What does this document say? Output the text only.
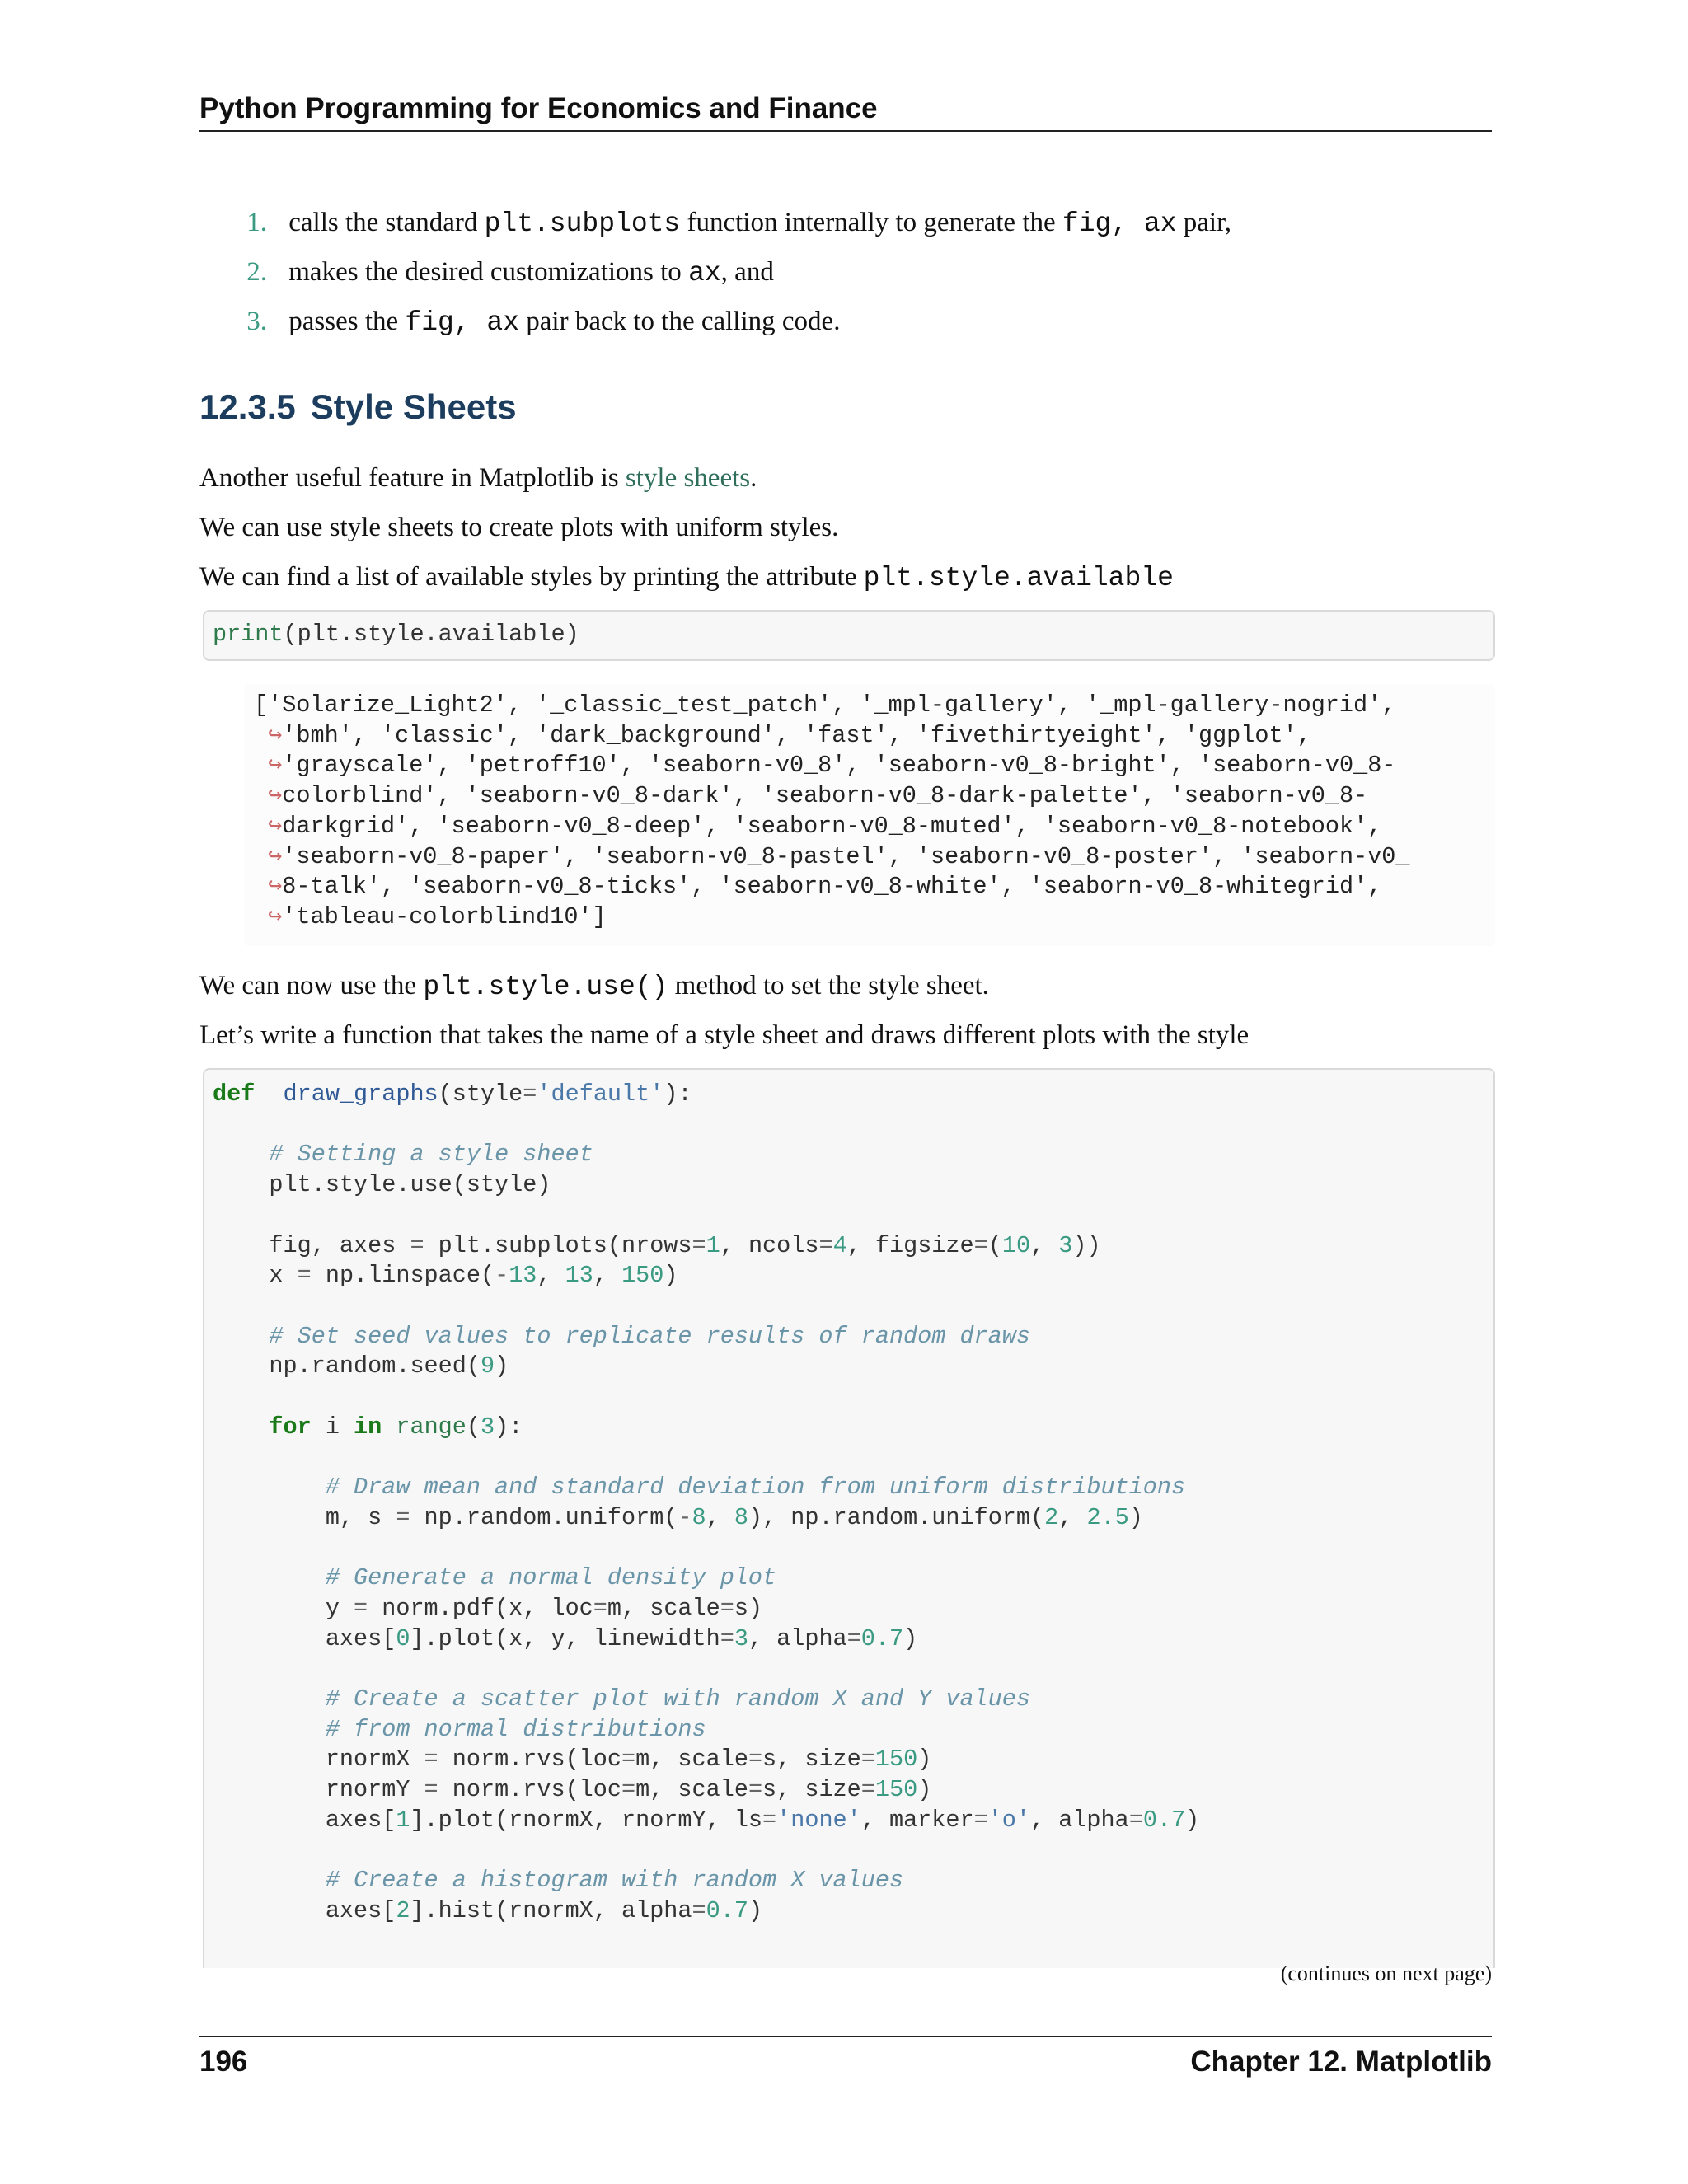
Python Programming for Economics and Finance
1. calls the standard plt.subplots function internally to generate the fig, ax pair,
2. makes the desired customizations to ax, and
3. passes the fig, ax pair back to the calling code.
12.3.5 Style Sheets
Another useful feature in Matplotlib is style sheets.
We can use style sheets to create plots with uniform styles.
We can find a list of available styles by printing the attribute plt.style.available
print(plt.style.available)
['Solarize_Light2', '_classic_test_patch', '_mpl-gallery', '_mpl-gallery-nogrid',
↪'bmh', 'classic', 'dark_background', 'fast', 'fivethirtyeight', 'ggplot',
↪'grayscale', 'petroff10', 'seaborn-v0_8', 'seaborn-v0_8-bright', 'seaborn-v0_8-
↪colorblind', 'seaborn-v0_8-dark', 'seaborn-v0_8-dark-palette', 'seaborn-v0_8-
↪darkgrid', 'seaborn-v0_8-deep', 'seaborn-v0_8-muted', 'seaborn-v0_8-notebook',
↪'seaborn-v0_8-paper', 'seaborn-v0_8-pastel', 'seaborn-v0_8-poster', 'seaborn-v0_
↪8-talk', 'seaborn-v0_8-ticks', 'seaborn-v0_8-white', 'seaborn-v0_8-whitegrid',
↪'tableau-colorblind10']
We can now use the plt.style.use() method to set the style sheet.
Let’s write a function that takes the name of a style sheet and draws different plots with the style
def draw_graphs(style='default'):

# Setting a style sheet
plt.style.use(style)

fig, axes = plt.subplots(nrows=1, ncols=4, figsize=(10, 3))
x = np.linspace(-13, 13, 150)

# Set seed values to replicate results of random draws
np.random.seed(9)

for i in range(3):

# Draw mean and standard deviation from uniform distributions
m, s = np.random.uniform(-8, 8), np.random.uniform(2, 2.5)

# Generate a normal density plot
y = norm.pdf(x, loc=m, scale=s)
axes[0].plot(x, y, linewidth=3, alpha=0.7)

# Create a scatter plot with random X and Y values
# from normal distributions
rnormX = norm.rvs(loc=m, scale=s, size=150)
rnormY = norm.rvs(loc=m, scale=s, size=150)
axes[1].plot(rnormX, rnormY, ls='none', marker='o', alpha=0.7)

# Create a histogram with random X values
axes[2].hist(rnormX, alpha=0.7)
(continues on next page)
196	Chapter 12. Matplotlib
